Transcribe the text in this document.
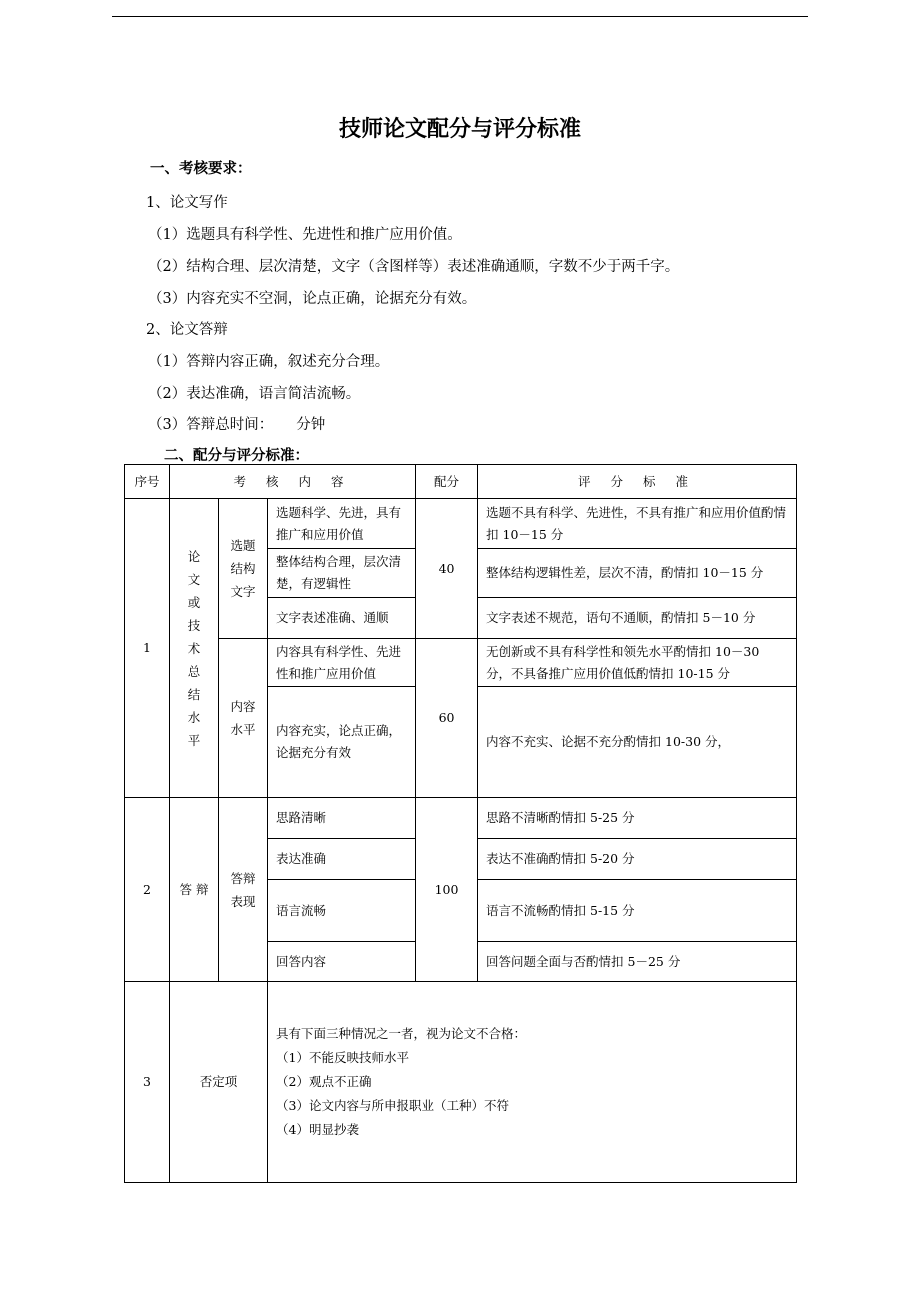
技师论文配分与评分标准
一、考核要求：
1、论文写作
（1）选题具有科学性、先进性和推广应用价值。
（2）结构合理、层次清楚，文字（含图样等）表述准确通顺，字数不少于两千字。
（3）内容充实不空洞，论点正确，论据充分有效。
2、论文答辩
（1）答辩内容正确，叙述充分合理。
（2）表达准确，语言简洁流畅。
（3）答辩总时间：     分钟
二、配分与评分标准：
序号	考 核 内 容			配分	评 分 标 准
1	论文或技术总结水平	选题结构文字	选题科学、先进，具有推广和应用价值	40	选题不具有科学、先进性，不具有推广和应用价值酌情扣 10－15 分
			整体结构合理，层次清楚，有逻辑性		整体结构逻辑性差，层次不清，酌情扣 10－15 分
			文字表述准确、通顺		文字表述不规范，语句不通顺，酌情扣 5－10 分
		内容水平	内容具有科学性、先进性和推广应用价值	60	无创新或不具有科学性和领先水平酌情扣 10－30 分，不具备推广应用价值低酌情扣 10-15 分
			内容充实，论点正确，论据充分有效		内容不充实、论据不充分酌情扣 10-30 分，
2	答 辩	答辩表现	思路清晰	100	思路不清晰酌情扣 5-25 分
			表达准确		表达不准确酌情扣 5-20 分
			语言流畅		语言不流畅酌情扣 5-15 分
			回答内容		回答问题全面与否酌情扣 5－25 分
3	否定项		具有下面三种情况之一者，视为论文不合格：
（1）不能反映技师水平
（2）观点不正确
（3）论文内容与所申报职业（工种）不符
（4）明显抄袭		
